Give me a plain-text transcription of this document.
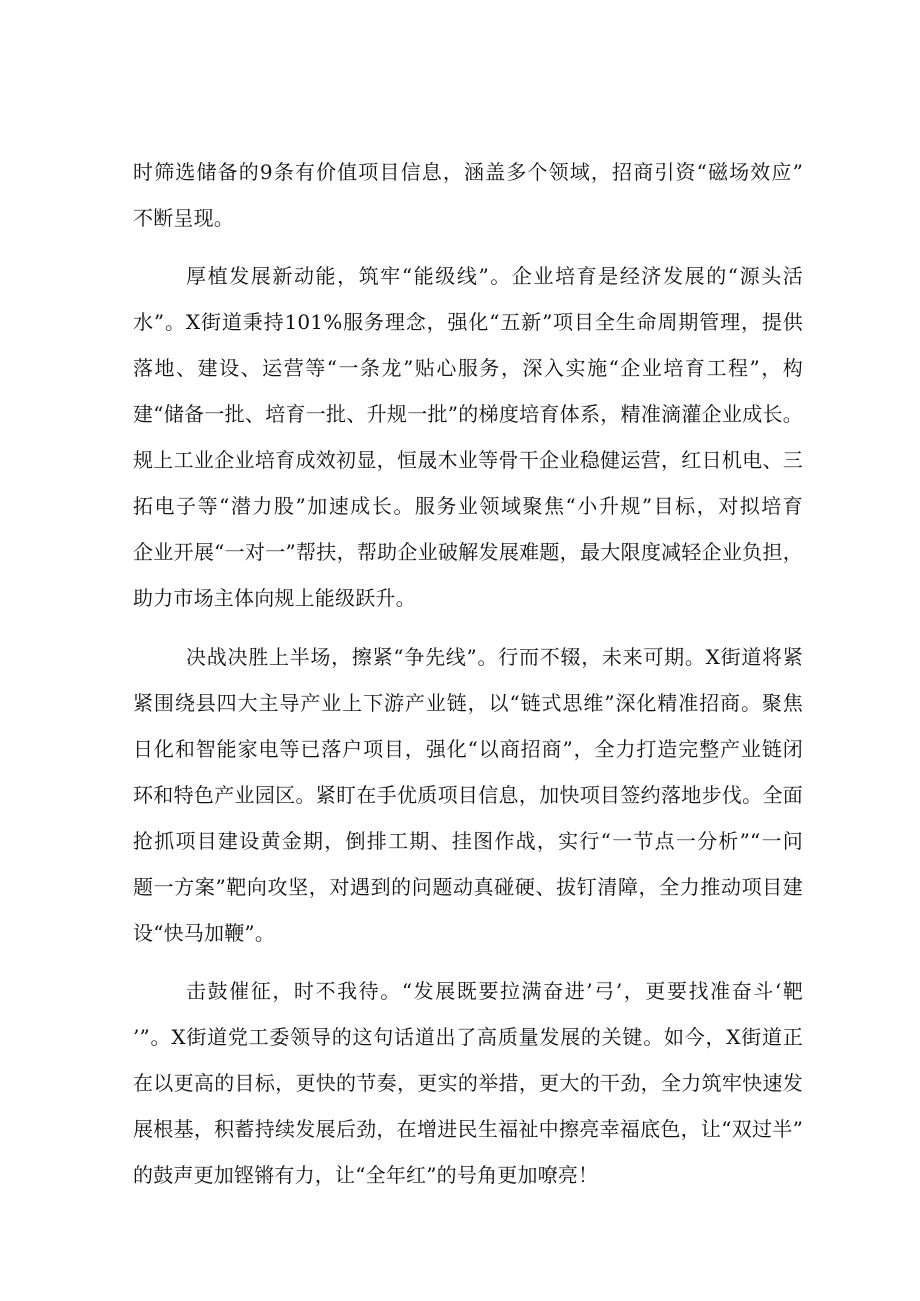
时筛选储备的9条有价值项目信息，涵盖多个领域，招商引资“磁场效应”
不断呈现。
厚植发展新动能，筑牢“能级线”。企业培育是经济发展的“源头活
水”。X街道秉持101%服务理念，强化“五新”项目全生命周期管理，提供
落地、建设、运营等“一条龙”贴心服务，深入实施“企业培育工程”，构
建“储备一批、培育一批、升规一批”的梯度培育体系，精准滴灌企业成长。
规上工业企业培育成效初显，恒晟木业等骨干企业稳健运营，红日机电、三
拓电子等“潜力股”加速成长。服务业领域聚焦“小升规”目标，对拟培育
企业开展“一对一”帮扶，帮助企业破解发展难题，最大限度减轻企业负担，
助力市场主体向规上能级跃升。
决战决胜上半场，擦紧“争先线”。行而不辍，未来可期。X街道将紧
紧围绕县四大主导产业上下游产业链，以“链式思维”深化精准招商。聚焦
日化和智能家电等已落户项目，强化“以商招商”，全力打造完整产业链闭
环和特色产业园区。紧盯在手优质项目信息，加快项目签约落地步伐。全面
抢抓项目建设黄金期，倒排工期、挂图作战，实行“一节点一分析”“一问
题一方案”靶向攻坚，对遇到的问题动真碰硬、拔钉清障，全力推动项目建
设“快马加鞭”。
击鼓催征，时不我待。“发展既要拉满奋进’弓’，更要找准奋斗‘靶
’”。X街道党工委领导的这句话道出了高质量发展的关键。如今，X街道正
在以更高的目标，更快的节奏，更实的举措，更大的干劲，全力筑牢快速发
展根基，积蓄持续发展后劲，在增进民生福祉中擦亮幸福底色，让“双过半”
的鼓声更加铿锵有力，让“全年红”的号角更加嘹亮！
